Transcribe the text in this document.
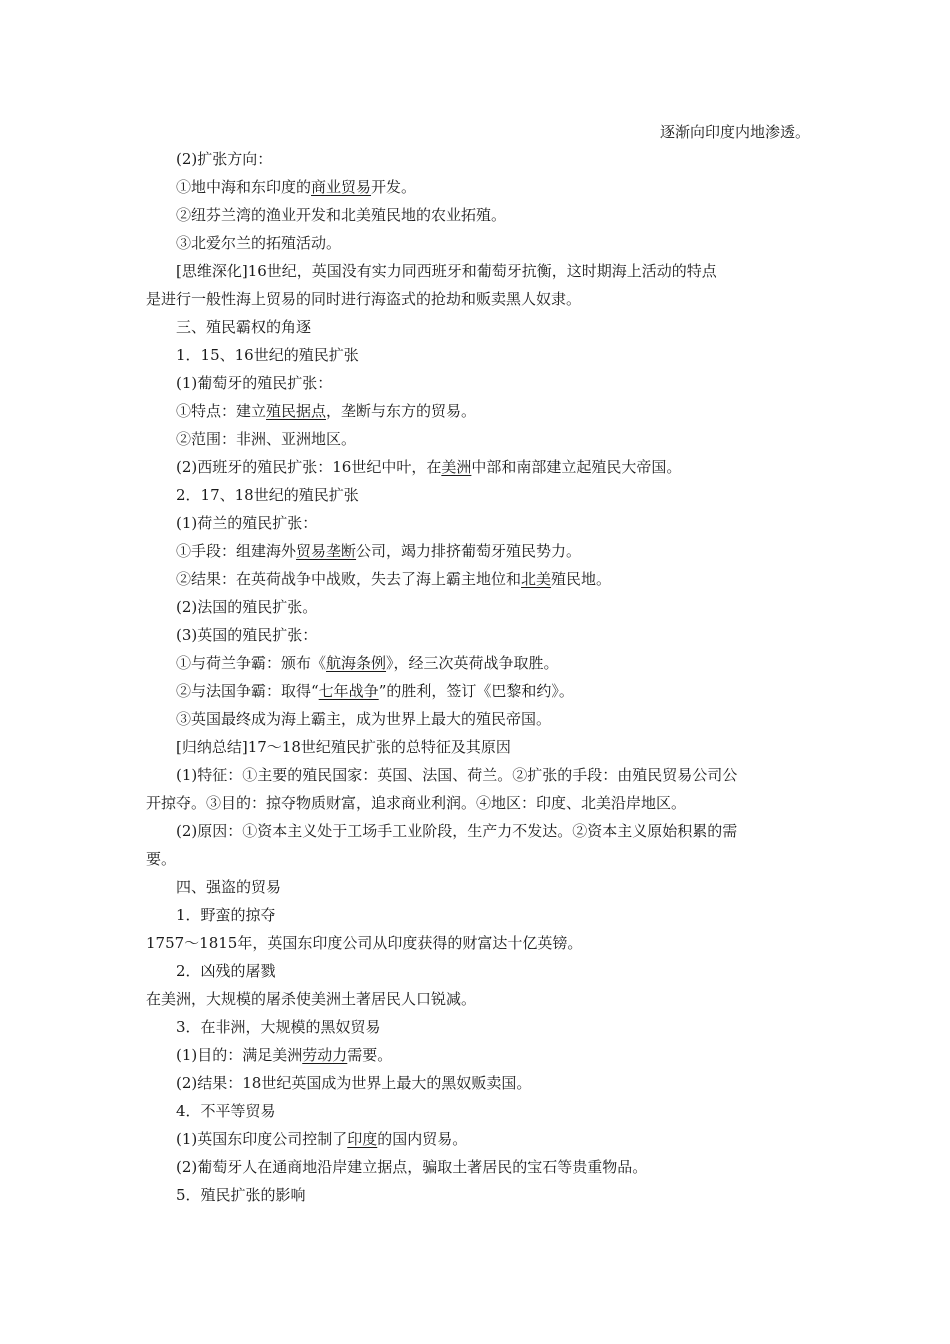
逐渐向印度内地渗透。
(2)扩张方向：
①地中海和东印度的商业贸易开发。
②纽芬兰湾的渔业开发和北美殖民地的农业拓殖。
③北爱尔兰的拓殖活动。
[思维深化]16世纪，英国没有实力同西班牙和葡萄牙抗衡，这时期海上活动的特点
是进行一般性海上贸易的同时进行海盗式的抢劫和贩卖黑人奴隶。
三、殖民霸权的角逐
1．15、16世纪的殖民扩张
(1)葡萄牙的殖民扩张：
①特点：建立殖民据点，垄断与东方的贸易。
②范围：非洲、亚洲地区。
(2)西班牙的殖民扩张：16世纪中叶，在美洲中部和南部建立起殖民大帝国。
2．17、18世纪的殖民扩张
(1)荷兰的殖民扩张：
①手段：组建海外贸易垄断公司，竭力排挤葡萄牙殖民势力。
②结果：在英荷战争中战败，失去了海上霸主地位和北美殖民地。
(2)法国的殖民扩张。
(3)英国的殖民扩张：
①与荷兰争霸：颁布《航海条例》，经三次英荷战争取胜。
②与法国争霸：取得“七年战争”的胜利，签订《巴黎和约》。
③英国最终成为海上霸主，成为世界上最大的殖民帝国。
[归纳总结]17～18世纪殖民扩张的总特征及其原因
(1)特征：①主要的殖民国家：英国、法国、荷兰。②扩张的手段：由殖民贸易公司公
开掠夺。③目的：掠夺物质财富，追求商业利润。④地区：印度、北美沿岸地区。
(2)原因：①资本主义处于工场手工业阶段，生产力不发达。②资本主义原始积累的需
要。
四、强盗的贸易
1．野蛮的掠夺
1757～1815年，英国东印度公司从印度获得的财富达十亿英镑。
2．凶残的屠戮
在美洲，大规模的屠杀使美洲土著居民人口锐减。
3．在非洲，大规模的黑奴贸易
(1)目的：满足美洲劳动力需要。
(2)结果：18世纪英国成为世界上最大的黑奴贩卖国。
4．不平等贸易
(1)英国东印度公司控制了印度的国内贸易。
(2)葡萄牙人在通商地沿岸建立据点，骗取土著居民的宝石等贵重物品。
5．殖民扩张的影响
